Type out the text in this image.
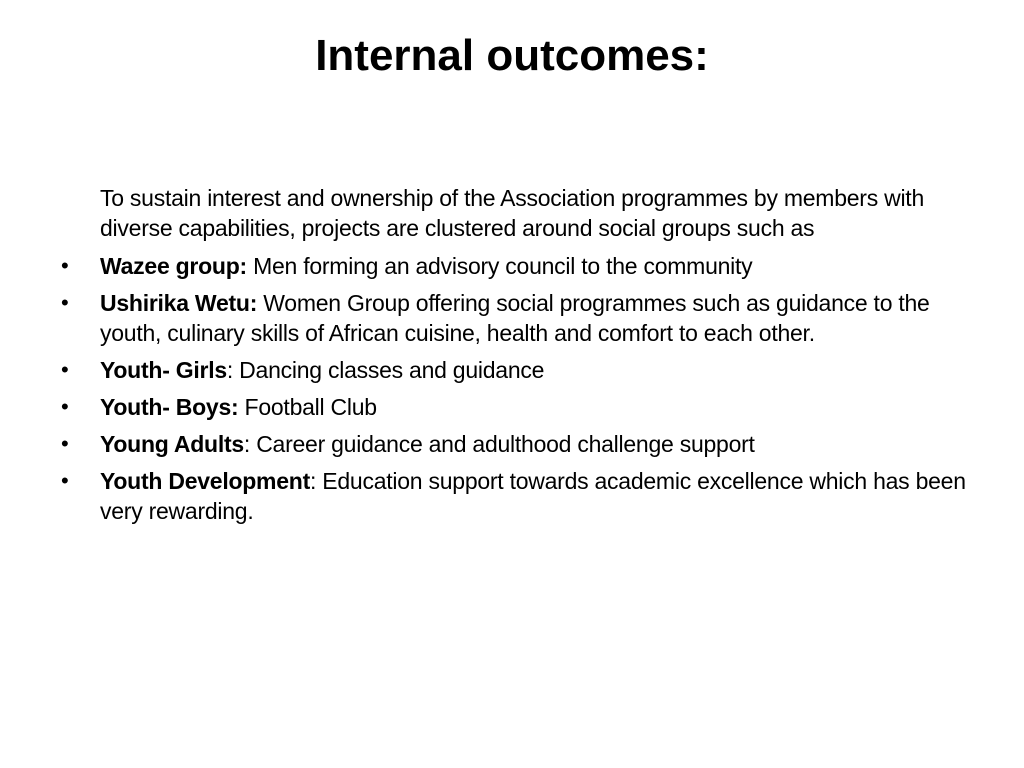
Internal outcomes:

To sustain interest and ownership of the Association programmes by members with diverse capabilities, projects are clustered around social groups such as

• Wazee group: Men forming an advisory council to the community
• Ushirika Wetu: Women Group offering social programmes such as guidance to the youth, culinary skills of African cuisine, health and comfort to each other.
• Youth- Girls: Dancing classes and guidance
• Youth- Boys: Football Club
• Young Adults: Career guidance and adulthood challenge support
• Youth Development: Education support towards academic excellence which has been very rewarding.
